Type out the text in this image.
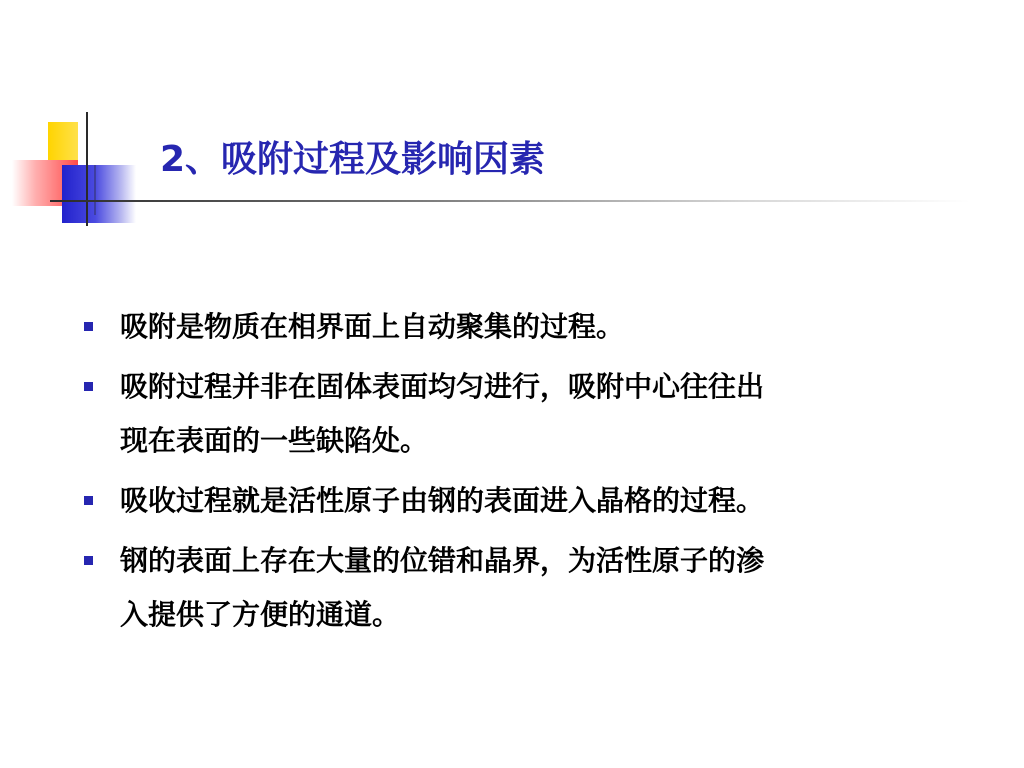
2、吸附过程及影响因素
吸附是物质在相界面上自动聚集的过程。
吸附过程并非在固体表面均匀进行，吸附中心往往出
现在表面的一些缺陷处。
吸收过程就是活性原子由钢的表面进入晶格的过程。
钢的表面上存在大量的位错和晶界，为活性原子的渗
入提供了方便的通道。
